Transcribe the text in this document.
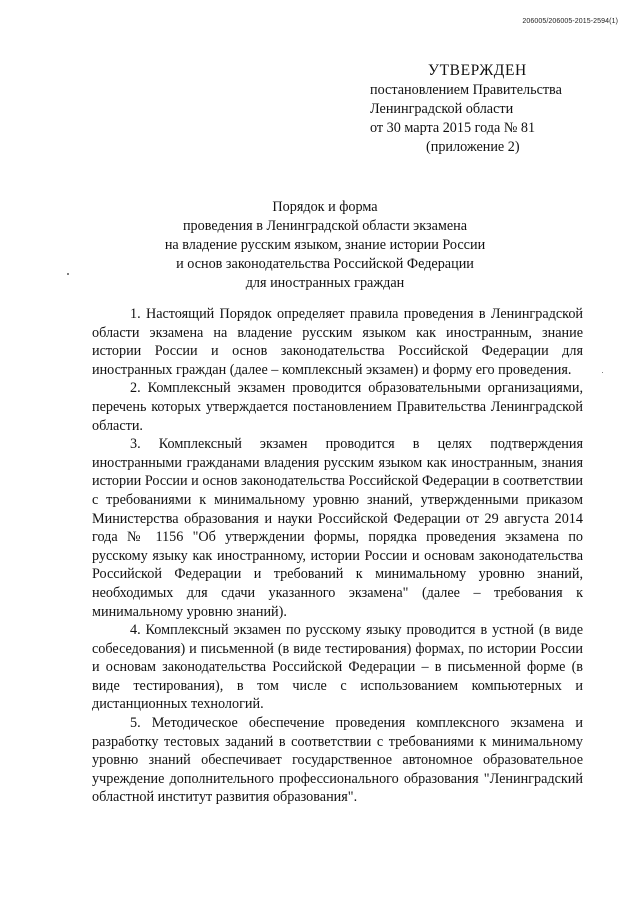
206005/206005-2015-2594(1)
УТВЕРЖДЕН
постановлением Правительства
Ленинградской области
от 30 марта 2015 года № 81
(приложение 2)
Порядок и форма
проведения в Ленинградской области экзамена
на владение русским языком, знание истории России
и основ законодательства Российской Федерации
для иностранных граждан

1. Настоящий Порядок определяет правила проведения в Ленинградской области экзамена на владение русским языком как иностранным, знание истории России и основ законодательства Российской Федерации для иностранных граждан (далее – комплексный экзамен) и форму его проведения.

2. Комплексный экзамен проводится образовательными организациями, перечень которых утверждается постановлением Правительства Ленинградской области.

3. Комплексный экзамен проводится в целях подтверждения иностранными гражданами владения русским языком как иностранным, знания истории России и основ законодательства Российской Федерации в соответствии с требованиями к минимальному уровню знаний, утвержденными приказом Министерства образования и науки Российской Федерации от 29 августа 2014 года № 1156 "Об утверждении формы, порядка проведения экзамена по русскому языку как иностранному, истории России и основам законодательства Российской Федерации и требований к минимальному уровню знаний, необходимых для сдачи указанного экзамена" (далее – требования к минимальному уровню знаний).

4. Комплексный экзамен по русскому языку проводится в устной (в виде собеседования) и письменной (в виде тестирования) формах, по истории России и основам законодательства Российской Федерации – в письменной форме (в виде тестирования), в том числе с использованием компьютерных и дистанционных технологий.

5. Методическое обеспечение проведения комплексного экзамена и разработку тестовых заданий в соответствии с требованиями к минимальному уровню знаний обеспечивает государственное автономное образовательное учреждение дополнительного профессионального образования "Ленинградский областной институт развития образования".
